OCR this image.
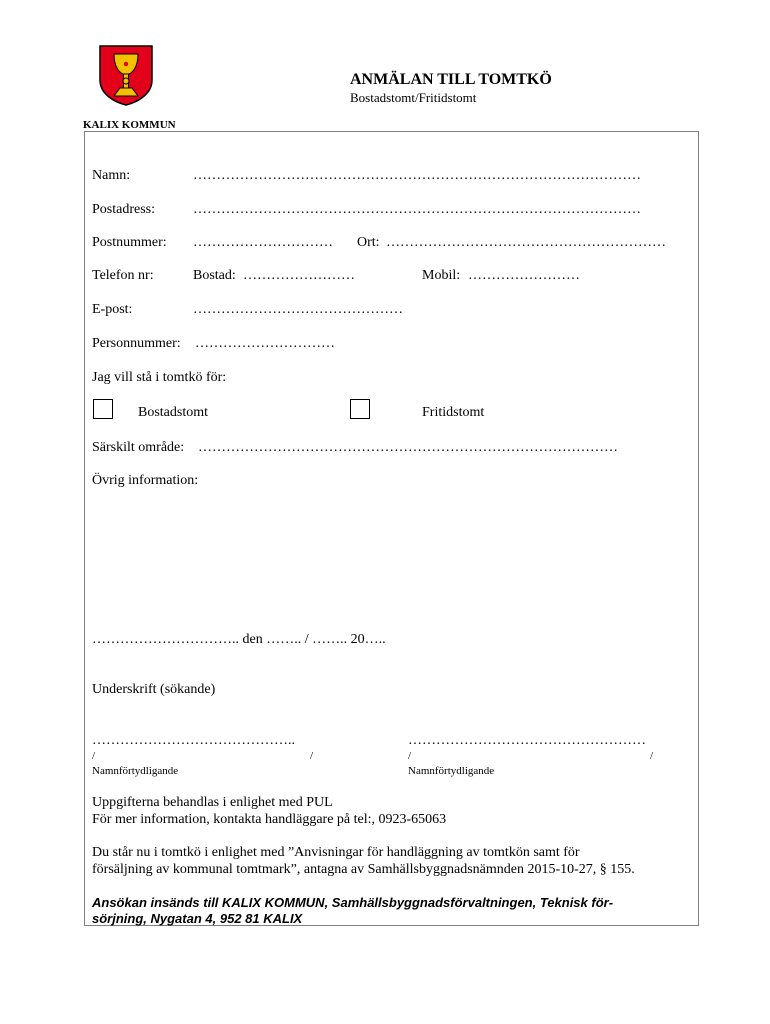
ANMÄLAN TILL TOMTKÖ
Bostadstomt/Fritidstomt
KALIX KOMMUN
Namn:	……………………………………………………………………………………
Postadress:	……………………………………………………………………………………
Postnummer: ………………………… Ort: ……………………………………………………
Telefon nr:	Bostad: ……………………	Mobil: ……………………
E-post:	………………………………………
Personnummer: …………………………
Jag vill stå i tomtkö för:
Bostadstomt	Fritidstomt
Särskilt område: ………………………………………………………………………………
Övrig information:
………………………….. den …….. / …….. 20…..
Underskrift (sökande)
……………………………………..	……………………………………………
/	/	/	/
Namnförtydligande	Namnförtydligande
Uppgifterna behandlas i enlighet med PUL
För mer information, kontakta handläggare på tel:, 0923-65063
Du står nu i tomtkö i enlighet med ”Anvisningar för handläggning av tomtkön samt för
försäljning av kommunal tomtmark”, antagna av Samhällsbyggnadsnämnden 2015-10-27, § 155.
Ansökan insänds till KALIX KOMMUN, Samhällsbyggnadsförvaltningen, Teknisk för-
sörjning, Nygatan 4, 952 81 KALIX
